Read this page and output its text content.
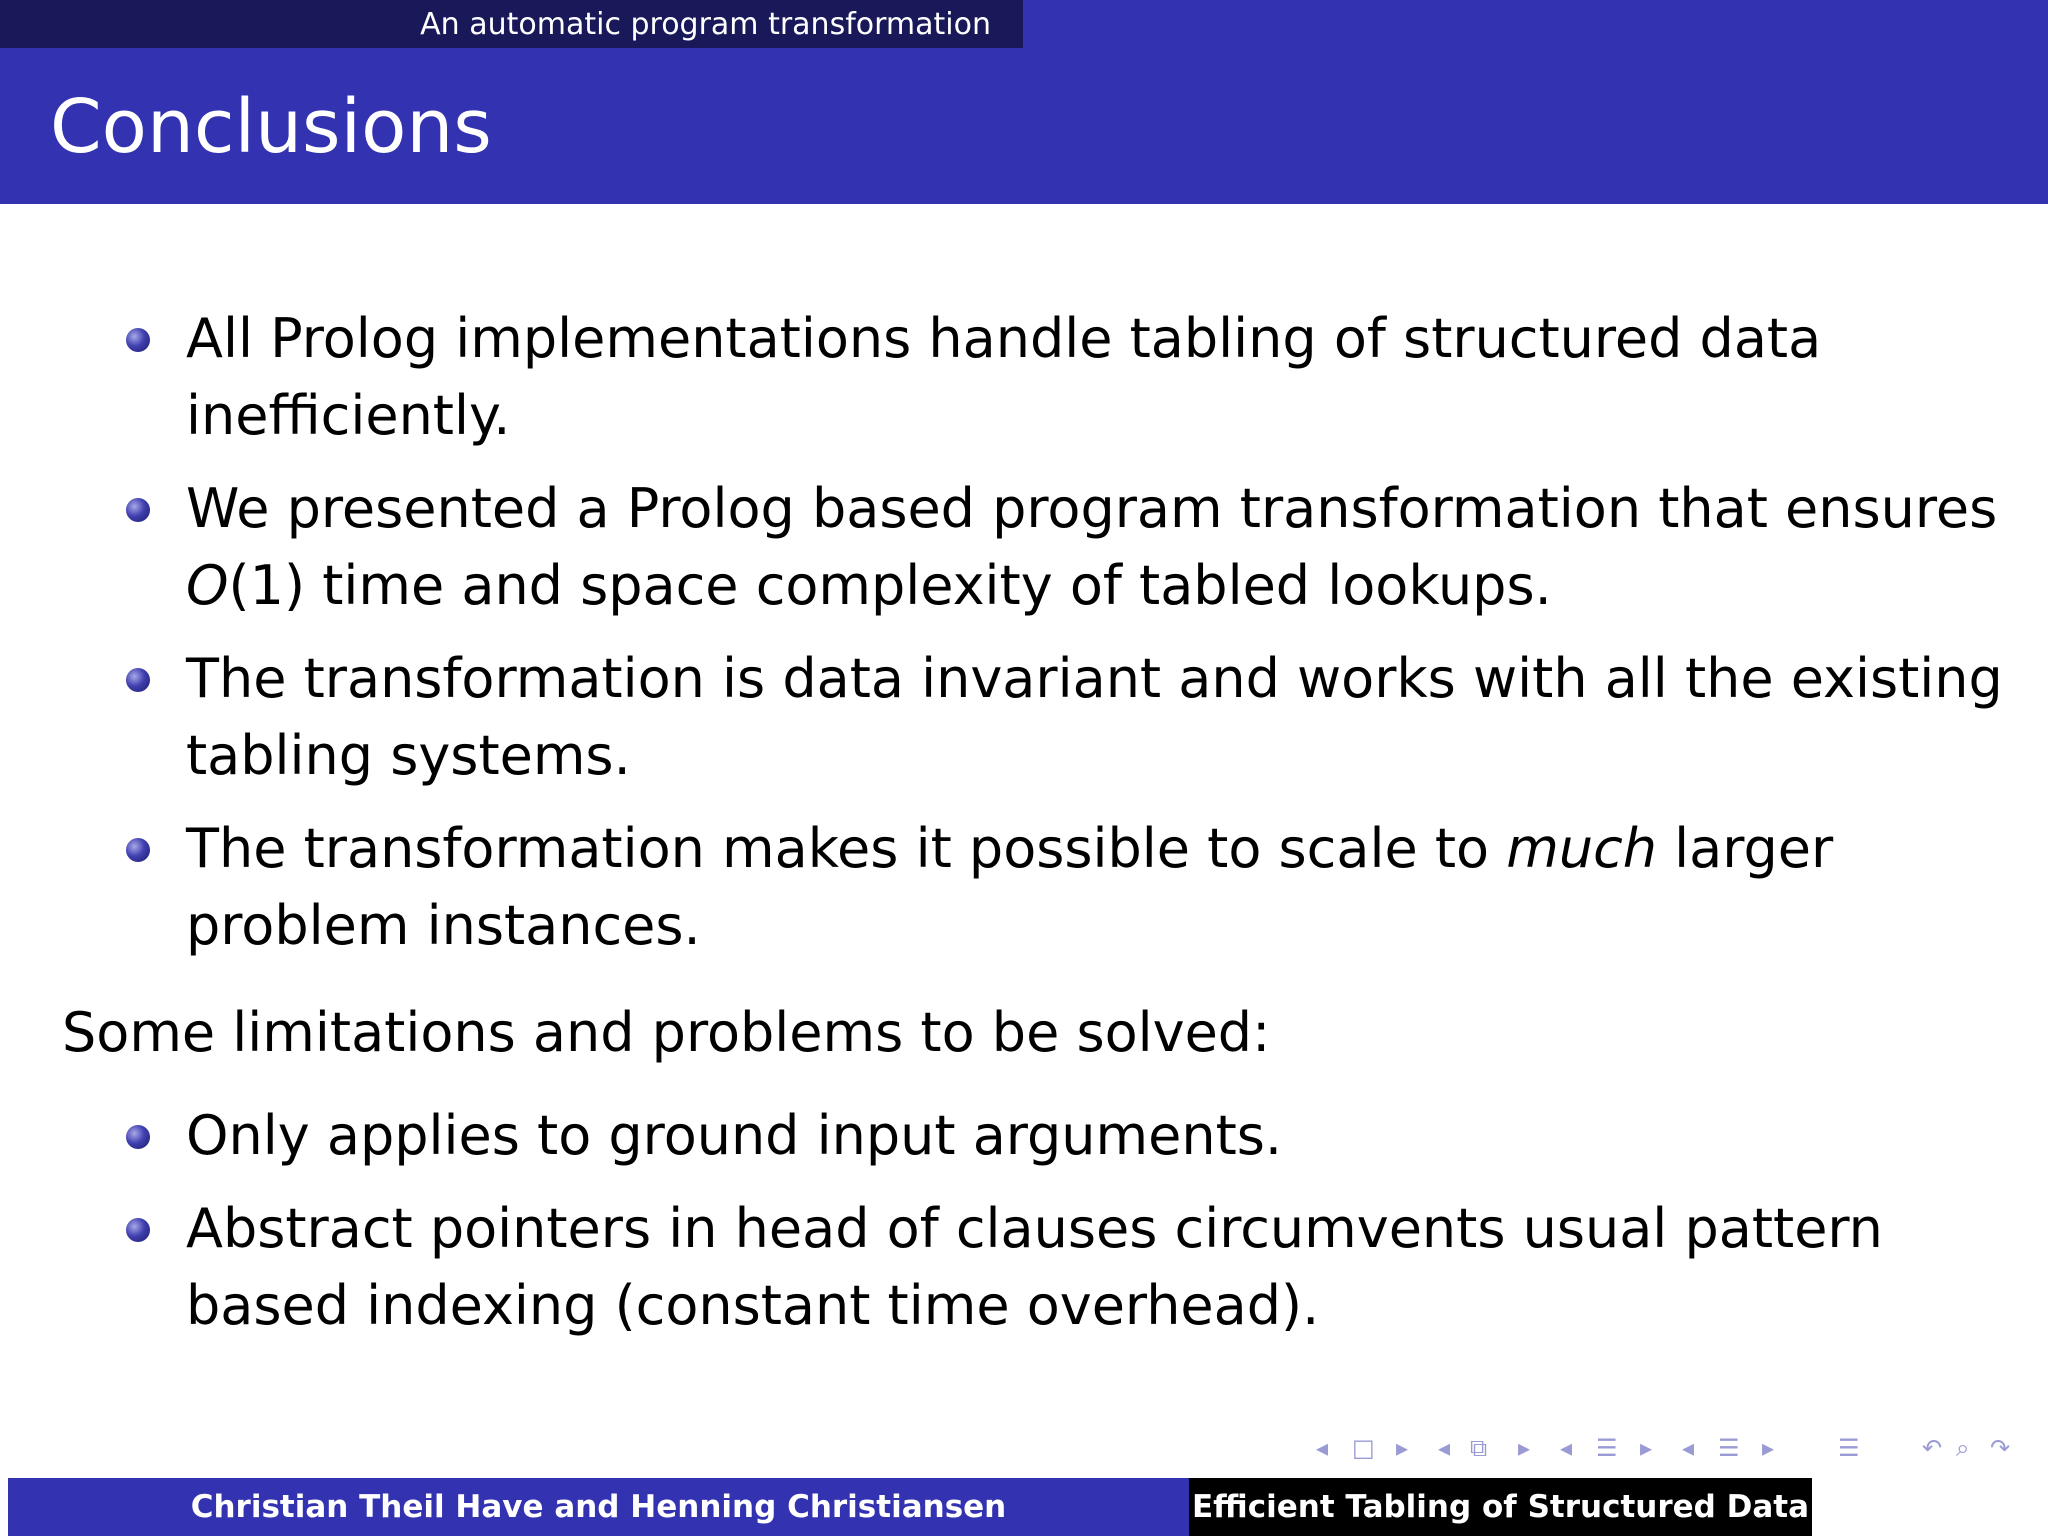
An automatic program transformation
Conclusions
All Prolog implementations handle tabling of structured data inefficiently.
We presented a Prolog based program transformation that ensures O(1) time and space complexity of tabled lookups.
The transformation is data invariant and works with all the existing tabling systems.
The transformation makes it possible to scale to much larger problem instances.
Some limitations and problems to be solved:
Only applies to ground input arguments.
Abstract pointers in head of clauses circumvents usual pattern based indexing (constant time overhead).
◂ □ ▸ ◂ ⧉ ▸ ◂ ☰ ▸ ◂ ☰ ▸	☰	↶ ⌕ ↷
Christian Theil Have and Henning Christiansen	Efficient Tabling of Structured Data
